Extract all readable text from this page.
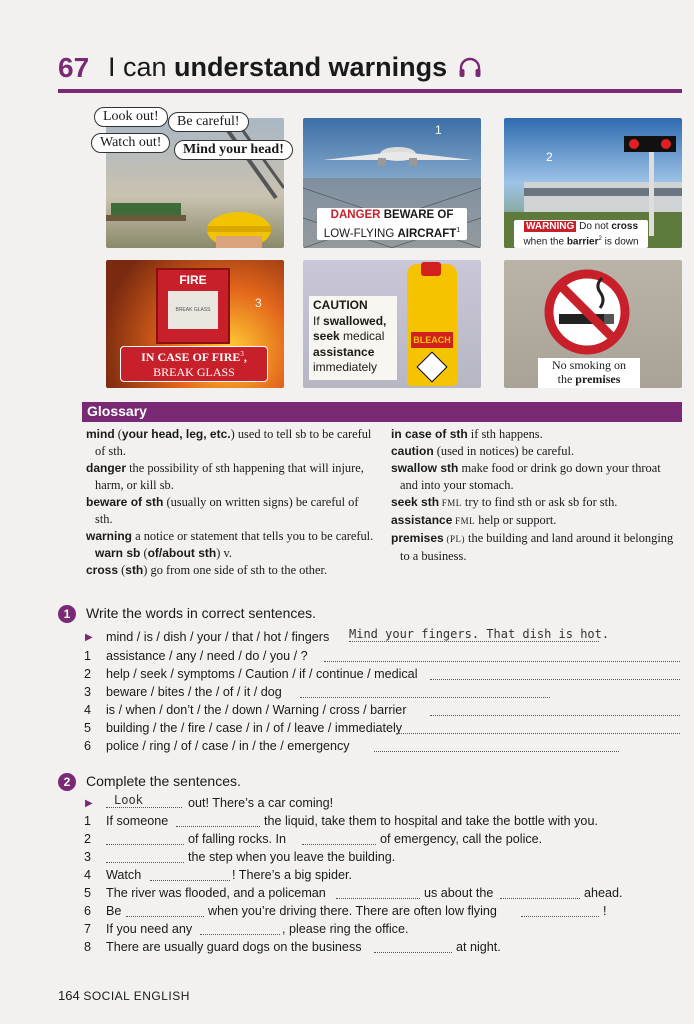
67 I can understand warnings
Look out!	Be careful!
Watch out!	Mind your head!
1
DANGER BEWARE OF
LOW-FLYING AIRCRAFT$^1$
2
WARNING Do not cross
when the barrier$^2$ is down
FIRE
BREAK GLASS	3
IN CASE OF FIRE$^3$,
BREAK GLASS
BLEACH
CAUTION
If swallowed,
seek medical
assistance
immediately	No smoking on
the premises
Glossary

mind (your head, leg, etc.) used to tell sb to be careful of sth.

danger the possibility of sth happening that will injure, harm, or kill sb.

beware of sth (usually on written signs) be careful of sth.

warning a notice or statement that tells you to be careful. warn sb (of/about sth) v.

cross (sth) go from one side of sth to the other.

in case of sth if sth happens.

caution (used in notices) be careful.

swallow sth make food or drink go down your throat and into your stomach.

seek sth FML try to find sth or ask sb for sth.

assistance FML help or support.

premises (PL) the building and land around it belonging to a business.

1	Write the words in correct sentences.
▶ mind / is / dish / your / that / hot / fingers Mind your fingers. That dish is hot.
1	assistance / any / need / do / you / ?
2	help / seek / symptoms / Caution / if / continue / medical
3	beware / bites / the / of / it / dog
4	is / when / don’t / the / down / Warning / cross / barrier
5	building / the / fire / case / in / of / leave / immediately
6	police / ring / of / case / in / the / emergency
2	Complete the sentences.
▶	Look	out! There’s a car coming!
1	If someone	the liquid, take them to hospital and take the bottle with you.
2	of falling rocks. In	of emergency, call the police.
3	the step when you leave the building.
4	Watch	! There’s a big spider.
5	The river was flooded, and a policeman	us about the	ahead.
6	Be	when you’re driving there. There are often low flying	!
7	If you need any	, please ring the office.
8	There are usually guard dogs on the business	at night.
164 SOCIAL ENGLISH
